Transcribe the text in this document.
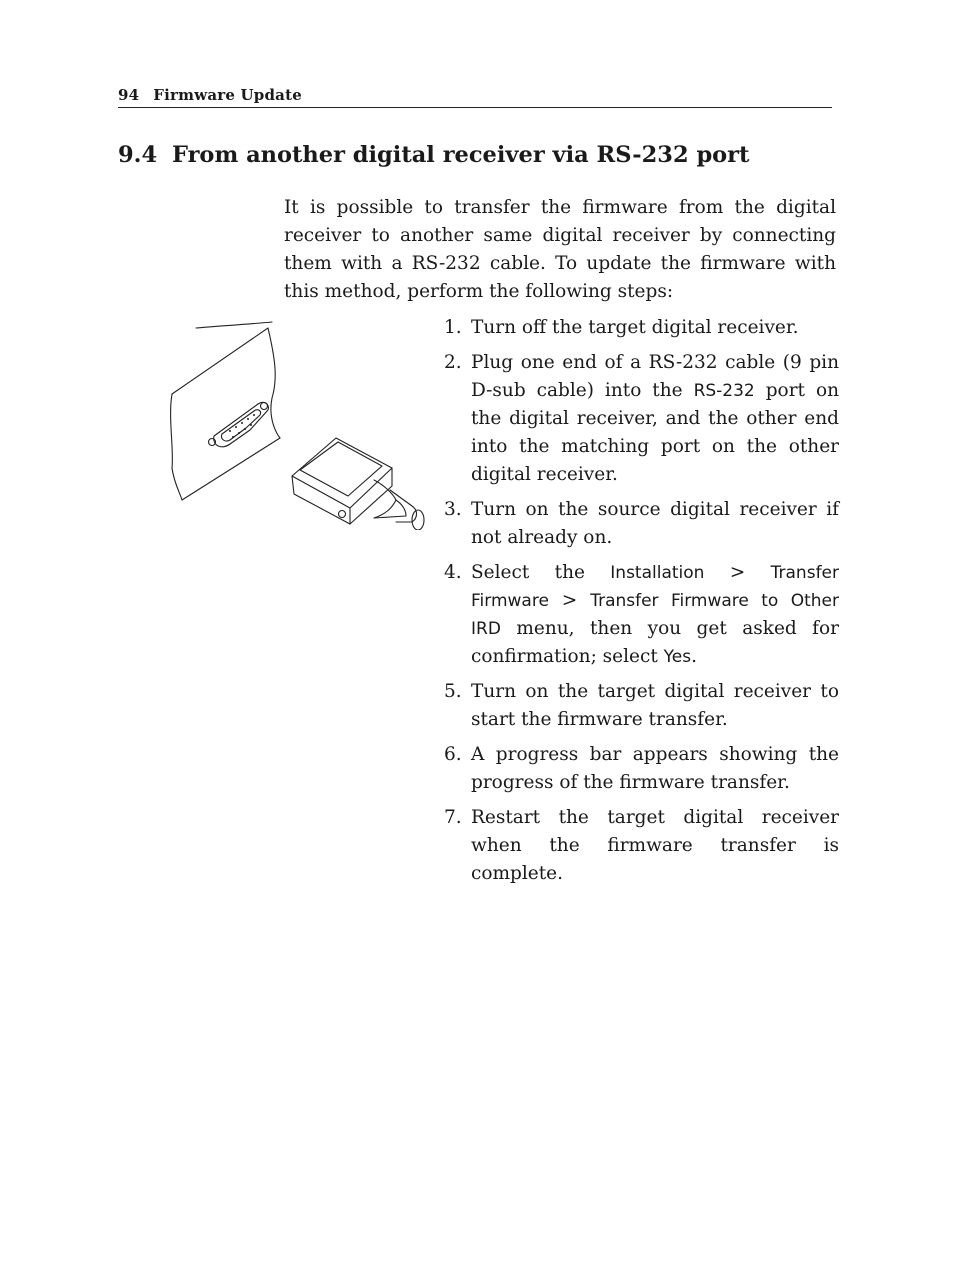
94 Firmware Update
9.4 From another digital receiver via RS-232 port

It is possible to transfer the firmware from the digital receiver to another same digital receiver by connecting them with a RS-232 cable. To update the firmware with this method, perform the following steps:

1. Turn off the target digital receiver.
2. Plug one end of a RS-232 cable (9 pin D-sub cable) into the RS-232 port on the digital receiver, and the other end into the matching port on the other digital receiver.
3. Turn on the source digital receiver if not already on.
4. Select the Installation > Transfer Firmware > Transfer Firmware to Other IRD menu, then you get asked for confirmation; select Yes.
5. Turn on the target digital receiver to start the firmware transfer.
6. A progress bar appears showing the progress of the firmware transfer.
7. Restart the target digital receiver when the firmware transfer is complete.
